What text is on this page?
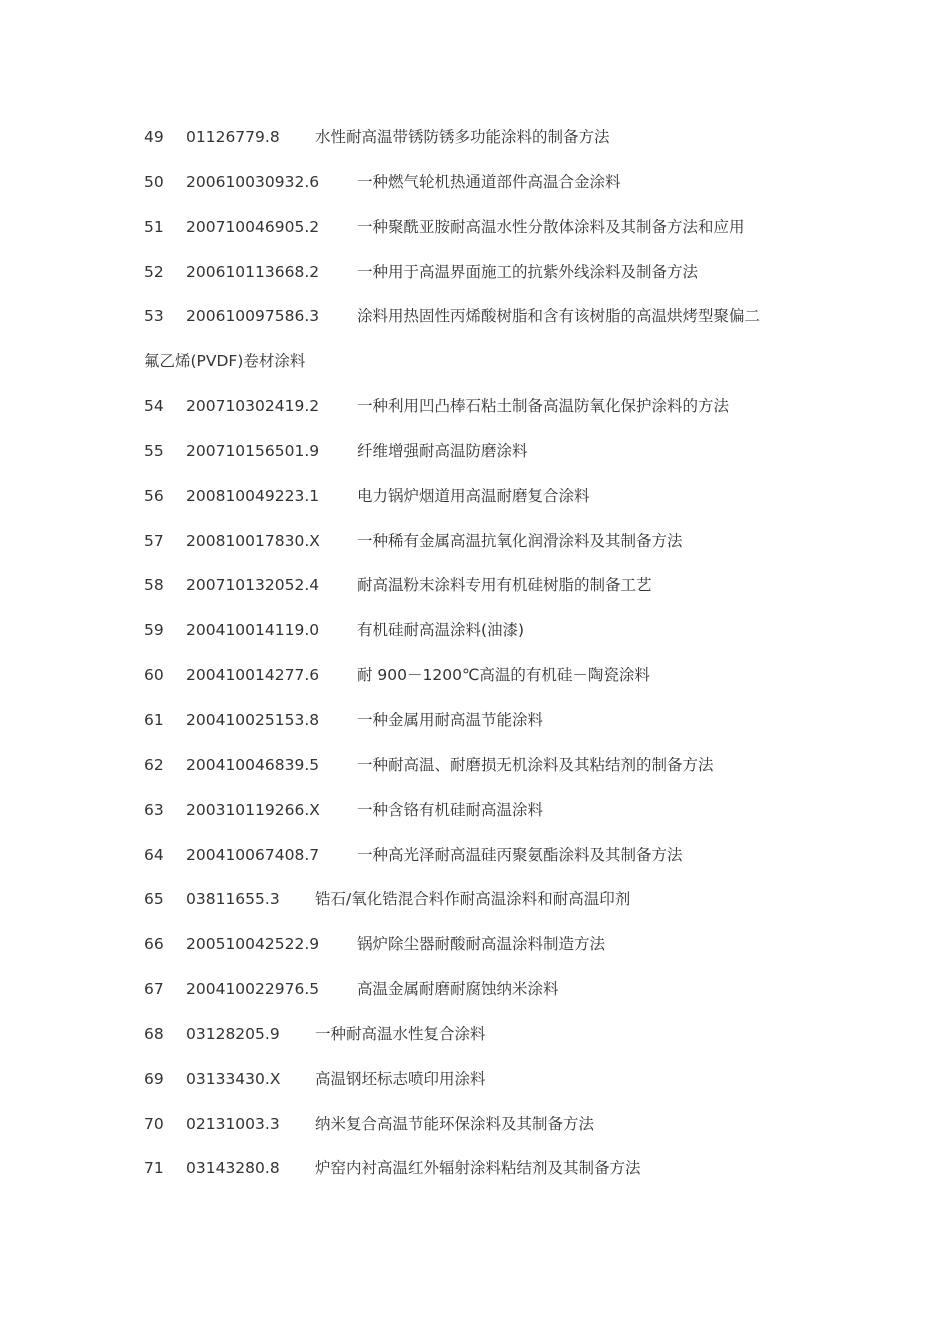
49 01126779.8 水性耐高温带锈防锈多功能涂料的制备方法
50 200610030932.6 一种燃气轮机热通道部件高温合金涂料
51 200710046905.2 一种聚酰亚胺耐高温水性分散体涂料及其制备方法和应用
52 200610113668.2 一种用于高温界面施工的抗紫外线涂料及制备方法
53 200610097586.3 涂料用热固性丙烯酸树脂和含有该树脂的高温烘烤型聚偏二
氟乙烯(PVDF)卷材涂料
54 200710302419.2 一种利用凹凸棒石粘土制备高温防氧化保护涂料的方法
55 200710156501.9 纤维增强耐高温防磨涂料
56 200810049223.1 电力锅炉烟道用高温耐磨复合涂料
57 200810017830.X 一种稀有金属高温抗氧化润滑涂料及其制备方法
58 200710132052.4 耐高温粉末涂料专用有机硅树脂的制备工艺
59 200410014119.0 有机硅耐高温涂料(油漆)
60 200410014277.6 耐 900－1200℃高温的有机硅－陶瓷涂料
61 200410025153.8 一种金属用耐高温节能涂料
62 200410046839.5 一种耐高温、耐磨损无机涂料及其粘结剂的制备方法
63 200310119266.X 一种含铬有机硅耐高温涂料
64 200410067408.7 一种高光泽耐高温硅丙聚氨酯涂料及其制备方法
65 03811655.3 锆石/氧化锆混合料作耐高温涂料和耐高温印剂
66 200510042522.9 锅炉除尘器耐酸耐高温涂料制造方法
67 200410022976.5 高温金属耐磨耐腐蚀纳米涂料
68 03128205.9 一种耐高温水性复合涂料
69 03133430.X 高温钢坯标志喷印用涂料
70 02131003.3 纳米复合高温节能环保涂料及其制备方法
71 03143280.8 炉窑内衬高温红外辐射涂料粘结剂及其制备方法
